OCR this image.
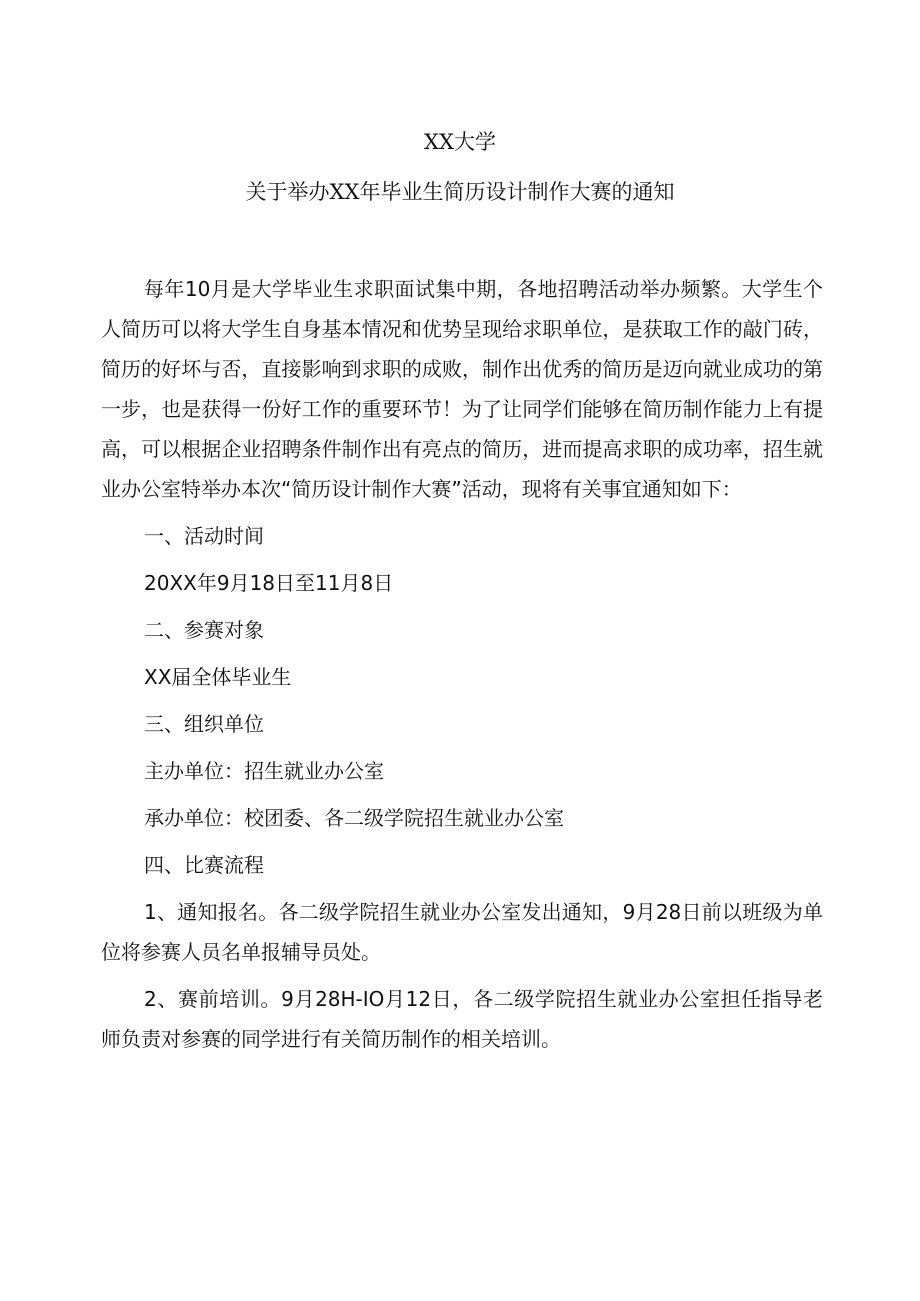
XX大学
关于举办XX年毕业生简历设计制作大赛的通知

每年10月是大学毕业生求职面试集中期，各地招聘活动举办频繁。大学生个人简历可以将大学生自身基本情况和优势呈现给求职单位，是获取工作的敲门砖，简历的好坏与否，直接影响到求职的成败，制作出优秀的简历是迈向就业成功的第一步，也是获得一份好工作的重要环节！为了让同学们能够在简历制作能力上有提高，可以根据企业招聘条件制作出有亮点的简历，进而提高求职的成功率，招生就业办公室特举办本次“简历设计制作大赛”活动，现将有关事宜通知如下：

一、活动时间

20XX年9月18日至11月8日

二、参赛对象

XX届全体毕业生

三、组织单位

主办单位：招生就业办公室

承办单位：校团委、各二级学院招生就业办公室

四、比赛流程

1、通知报名。各二级学院招生就业办公室发出通知，9月28日前以班级为单位将参赛人员名单报辅导员处。

2、赛前培训。9月28H-IO月12日，各二级学院招生就业办公室担任指导老师负责对参赛的同学进行有关简历制作的相关培训。
